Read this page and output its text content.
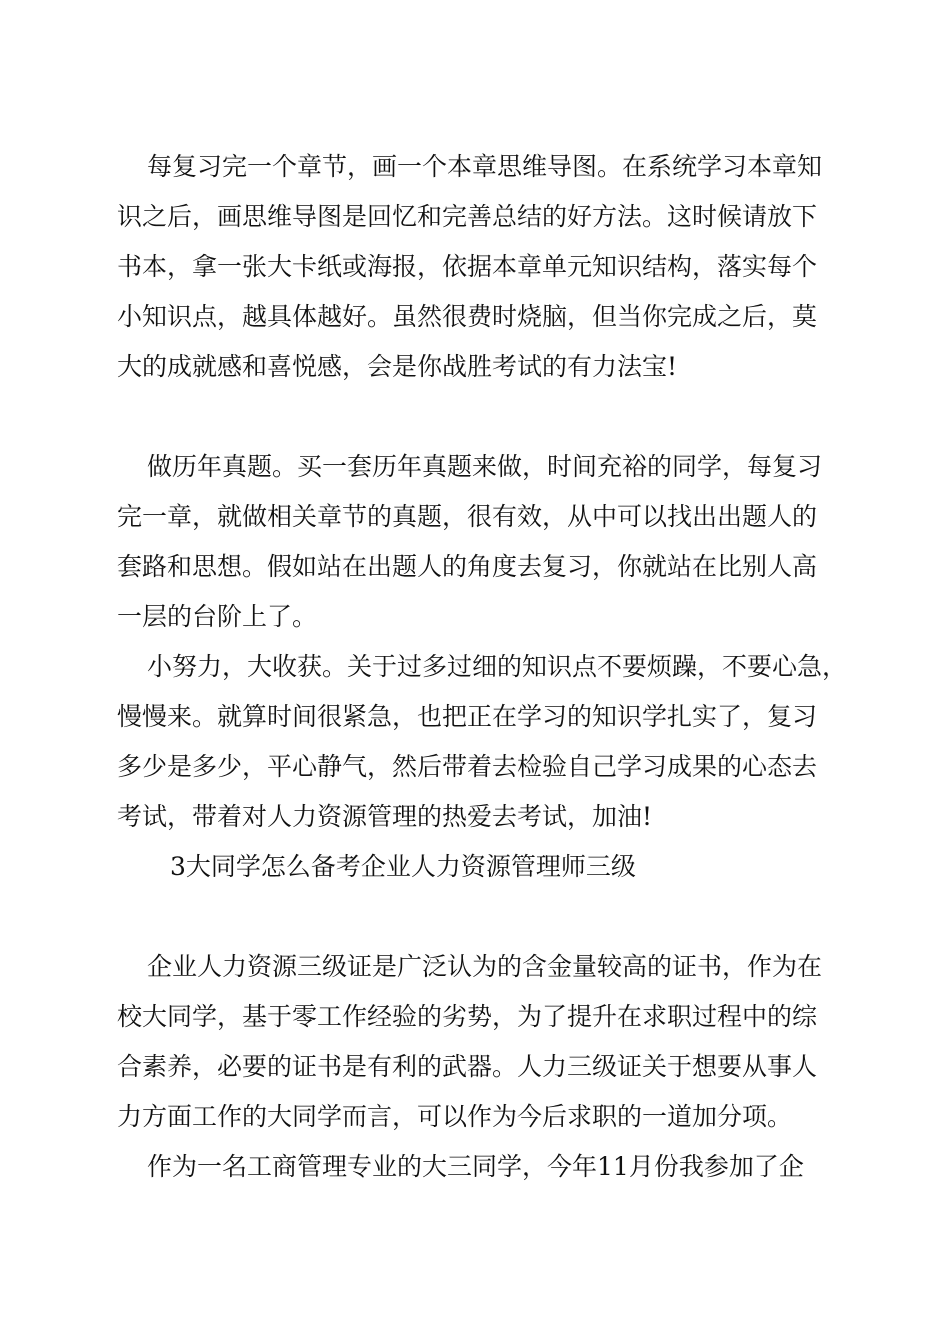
每复习完一个章节，画一个本章思维导图。在系统学习本章知
识之后，画思维导图是回忆和完善总结的好方法。这时候请放下
书本，拿一张大卡纸或海报，依据本章单元知识结构，落实每个
小知识点，越具体越好。虽然很费时烧脑，但当你完成之后，莫
大的成就感和喜悦感，会是你战胜考试的有力法宝!
做历年真题。买一套历年真题来做，时间充裕的同学，每复习
完一章，就做相关章节的真题，很有效，从中可以找出出题人的
套路和思想。假如站在出题人的角度去复习，你就站在比别人高
一层的台阶上了。
小努力，大收获。关于过多过细的知识点不要烦躁，不要心急，
慢慢来。就算时间很紧急，也把正在学习的知识学扎实了，复习
多少是多少，平心静气，然后带着去检验自己学习成果的心态去
考试，带着对人力资源管理的热爱去考试，加油!
3大同学怎么备考企业人力资源管理师三级
企业人力资源三级证是广泛认为的含金量较高的证书，作为在
校大同学，基于零工作经验的劣势，为了提升在求职过程中的综
合素养，必要的证书是有利的武器。人力三级证关于想要从事人
力方面工作的大同学而言，可以作为今后求职的一道加分项。
作为一名工商管理专业的大三同学，今年11月份我参加了企
